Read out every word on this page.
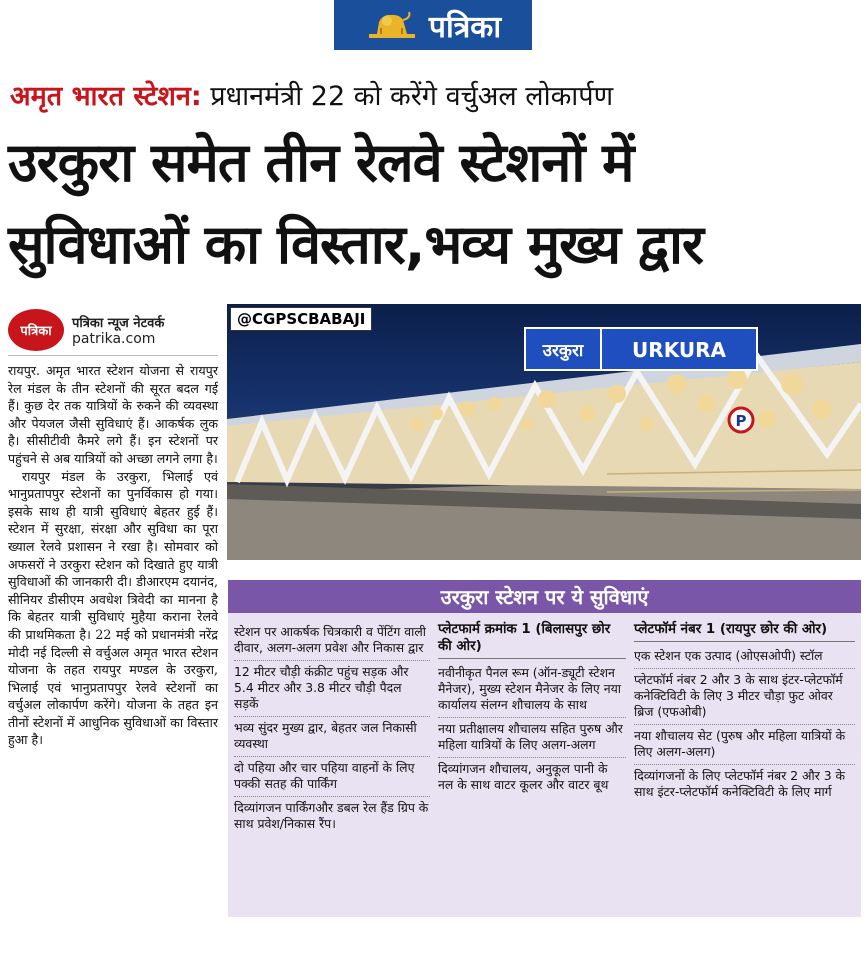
पत्रिका
अमृत भारत स्टेशन: प्रधानमंत्री 22 को करेंगे वर्चुअल लोकार्पण
उरकुरा समेत तीन रेलवे स्टेशनों में
सुविधाओं का विस्तार,भव्य मुख्य द्वार
पत्रिका
पत्रिका न्यूज नेटवर्क
patrika.com

रायपुर. अमृत भारत स्टेशन योजना से रायपुर रेल मंडल के तीन स्टेशनों की सूरत बदल गई हैं। कुछ देर तक यात्रियों के रुकने की व्यवस्था और पेयजल जैसी सुविधाएं हैं। आकर्षक लुक है। सीसीटीवी कैमरे लगे हैं। इन स्टेशनों पर पहुंचने से अब यात्रियों को अच्छा लगने लगा है।

रायपुर मंडल के उरकुरा, भिलाई एवं भानुप्रतापपुर स्टेशनों का पुनर्विकास हो गया। इसके साथ ही यात्री सुविधाएं बेहतर हुई हैं। स्टेशन में सुरक्षा, संरक्षा और सुविधा का पूरा ख्याल रेलवे प्रशासन ने रखा है। सोमवार को अफसरों ने उरकुरा स्टेशन को दिखाते हुए यात्री सुविधाओं की जानकारी दी। डीआरएम दयानंद, सीनियर डीसीएम अवधेश त्रिवेदी का मानना है कि बेहतर यात्री सुविधाएं मुहैया कराना रेलवे की प्राथमिकता है। 22 मई को प्रधानमंत्री नरेंद्र मोदी नई दिल्ली से वर्चुअल अमृत भारत स्टेशन योजना के तहत रायपुर मण्डल के उरकुरा, भिलाई एवं भानुप्रतापपुर रेलवे स्टेशनों का वर्चुअल लोकार्पण करेंगे। योजना के तहत इन तीनों स्टेशनों में आधुनिक सुविधाओं का विस्तार हुआ है।

उरकुरा URKURA
P
@CGPSCBABAJI
उरकुरा स्टेशन पर ये सुविधाएं
स्टेशन पर आकर्षक चित्रकारी व पेंटिंग वाली दीवार, अलग-अलग प्रवेश और निकास द्वार
12 मीटर चौड़ी कंक्रीट पहुंच सड़क और 5.4 मीटर और 3.8 मीटर चौड़ी पैदल सड़कें
भव्य सुंदर मुख्य द्वार, बेहतर जल निकासी व्यवस्था
दो पहिया और चार पहिया वाहनों के लिए पक्की सतह की पार्किंग
दिव्यांगजन पार्किंगऔर डबल रेल हैंड ग्रिप के साथ प्रवेश/निकास रैंप।
प्लेटफार्म क्रमांक 1 (बिलासपुर छोर की ओर)
नवीनीकृत पैनल रूम (ऑन-ड्यूटी स्टेशन मैनेजर), मुख्य स्टेशन मैनेजर के लिए नया कार्यालय संलग्न शौचालय के साथ
नया प्रतीक्षालय शौचालय सहित पुरुष और महिला यात्रियों के लिए अलग-अलग
दिव्यांगजन शौचालय, अनुकूल पानी के नल के साथ वाटर कूलर और वाटर बूथ
प्लेटफॉर्म नंबर 1 (रायपुर छोर की ओर)
एक स्टेशन एक उत्पाद (ओएसओपी) स्टॉल
प्लेटफॉर्म नंबर 2 और 3 के साथ इंटर-प्लेटफॉर्म कनेक्टिविटी के लिए 3 मीटर चौड़ा फुट ओवर ब्रिज (एफओबी)
नया शौचालय सेट (पुरुष और महिला यात्रियों के लिए अलग-अलग)
दिव्यांगजनों के लिए प्लेटफॉर्म नंबर 2 और 3 के साथ इंटर-प्लेटफॉर्म कनेक्टिविटी के लिए मार्ग
